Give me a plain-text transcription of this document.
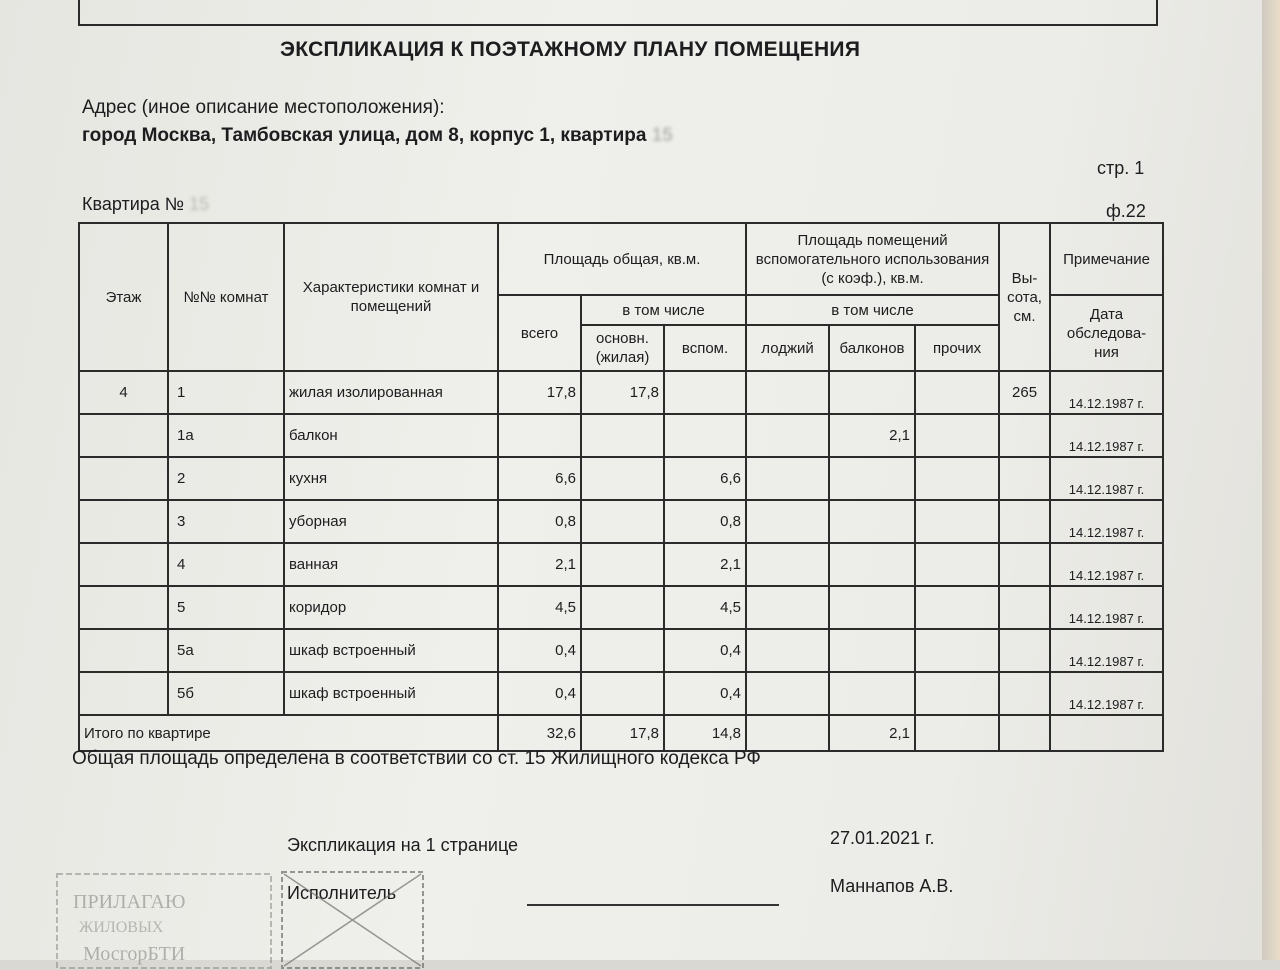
ЭКСПЛИКАЦИЯ К ПОЭТАЖНОМУ ПЛАНУ ПОМЕЩЕНИЯ
Адрес (иное описание местоположения):
город Москва, Тамбовская улица, дом 8, корпус 1, квартира 15
стр. 1
Квартира № 15	ф.22
Этаж	№№ комнат	Характеристики комнат и помещений	Площадь общая, кв.м.			Площадь помещений вспомогательного использования (с коэф.), кв.м.			Вы-сота, см.	Примечание
			всего	в том числе		в том числе				Дата обследова-ния
				основн. (жилая)	вспом.	лоджий	балконов	прочих		
4	1	жилая изолированная	17,8	17,8					265	14.12.1987 г.
	1а	балкон					2,1			14.12.1987 г.
	2	кухня	6,6		6,6					14.12.1987 г.
	3	уборная	0,8		0,8					14.12.1987 г.
	4	ванная	2,1		2,1					14.12.1987 г.
	5	коридор	4,5		4,5					14.12.1987 г.
	5а	шкаф встроенный	0,4		0,4					14.12.1987 г.
	5б	шкаф встроенный	0,4		0,4					14.12.1987 г.
Итого по квартире			32,6	17,8	14,8		2,1			
Общая площадь определена в соответствии со ст. 15 Жилищного кодекса РФ
Экспликация на 1 странице	27.01.2021 г.
Исполнитель	Маннапов А.В.
ПРИЛАГАЮ
ЖИЛОВЫХ
МосгорБТИ
